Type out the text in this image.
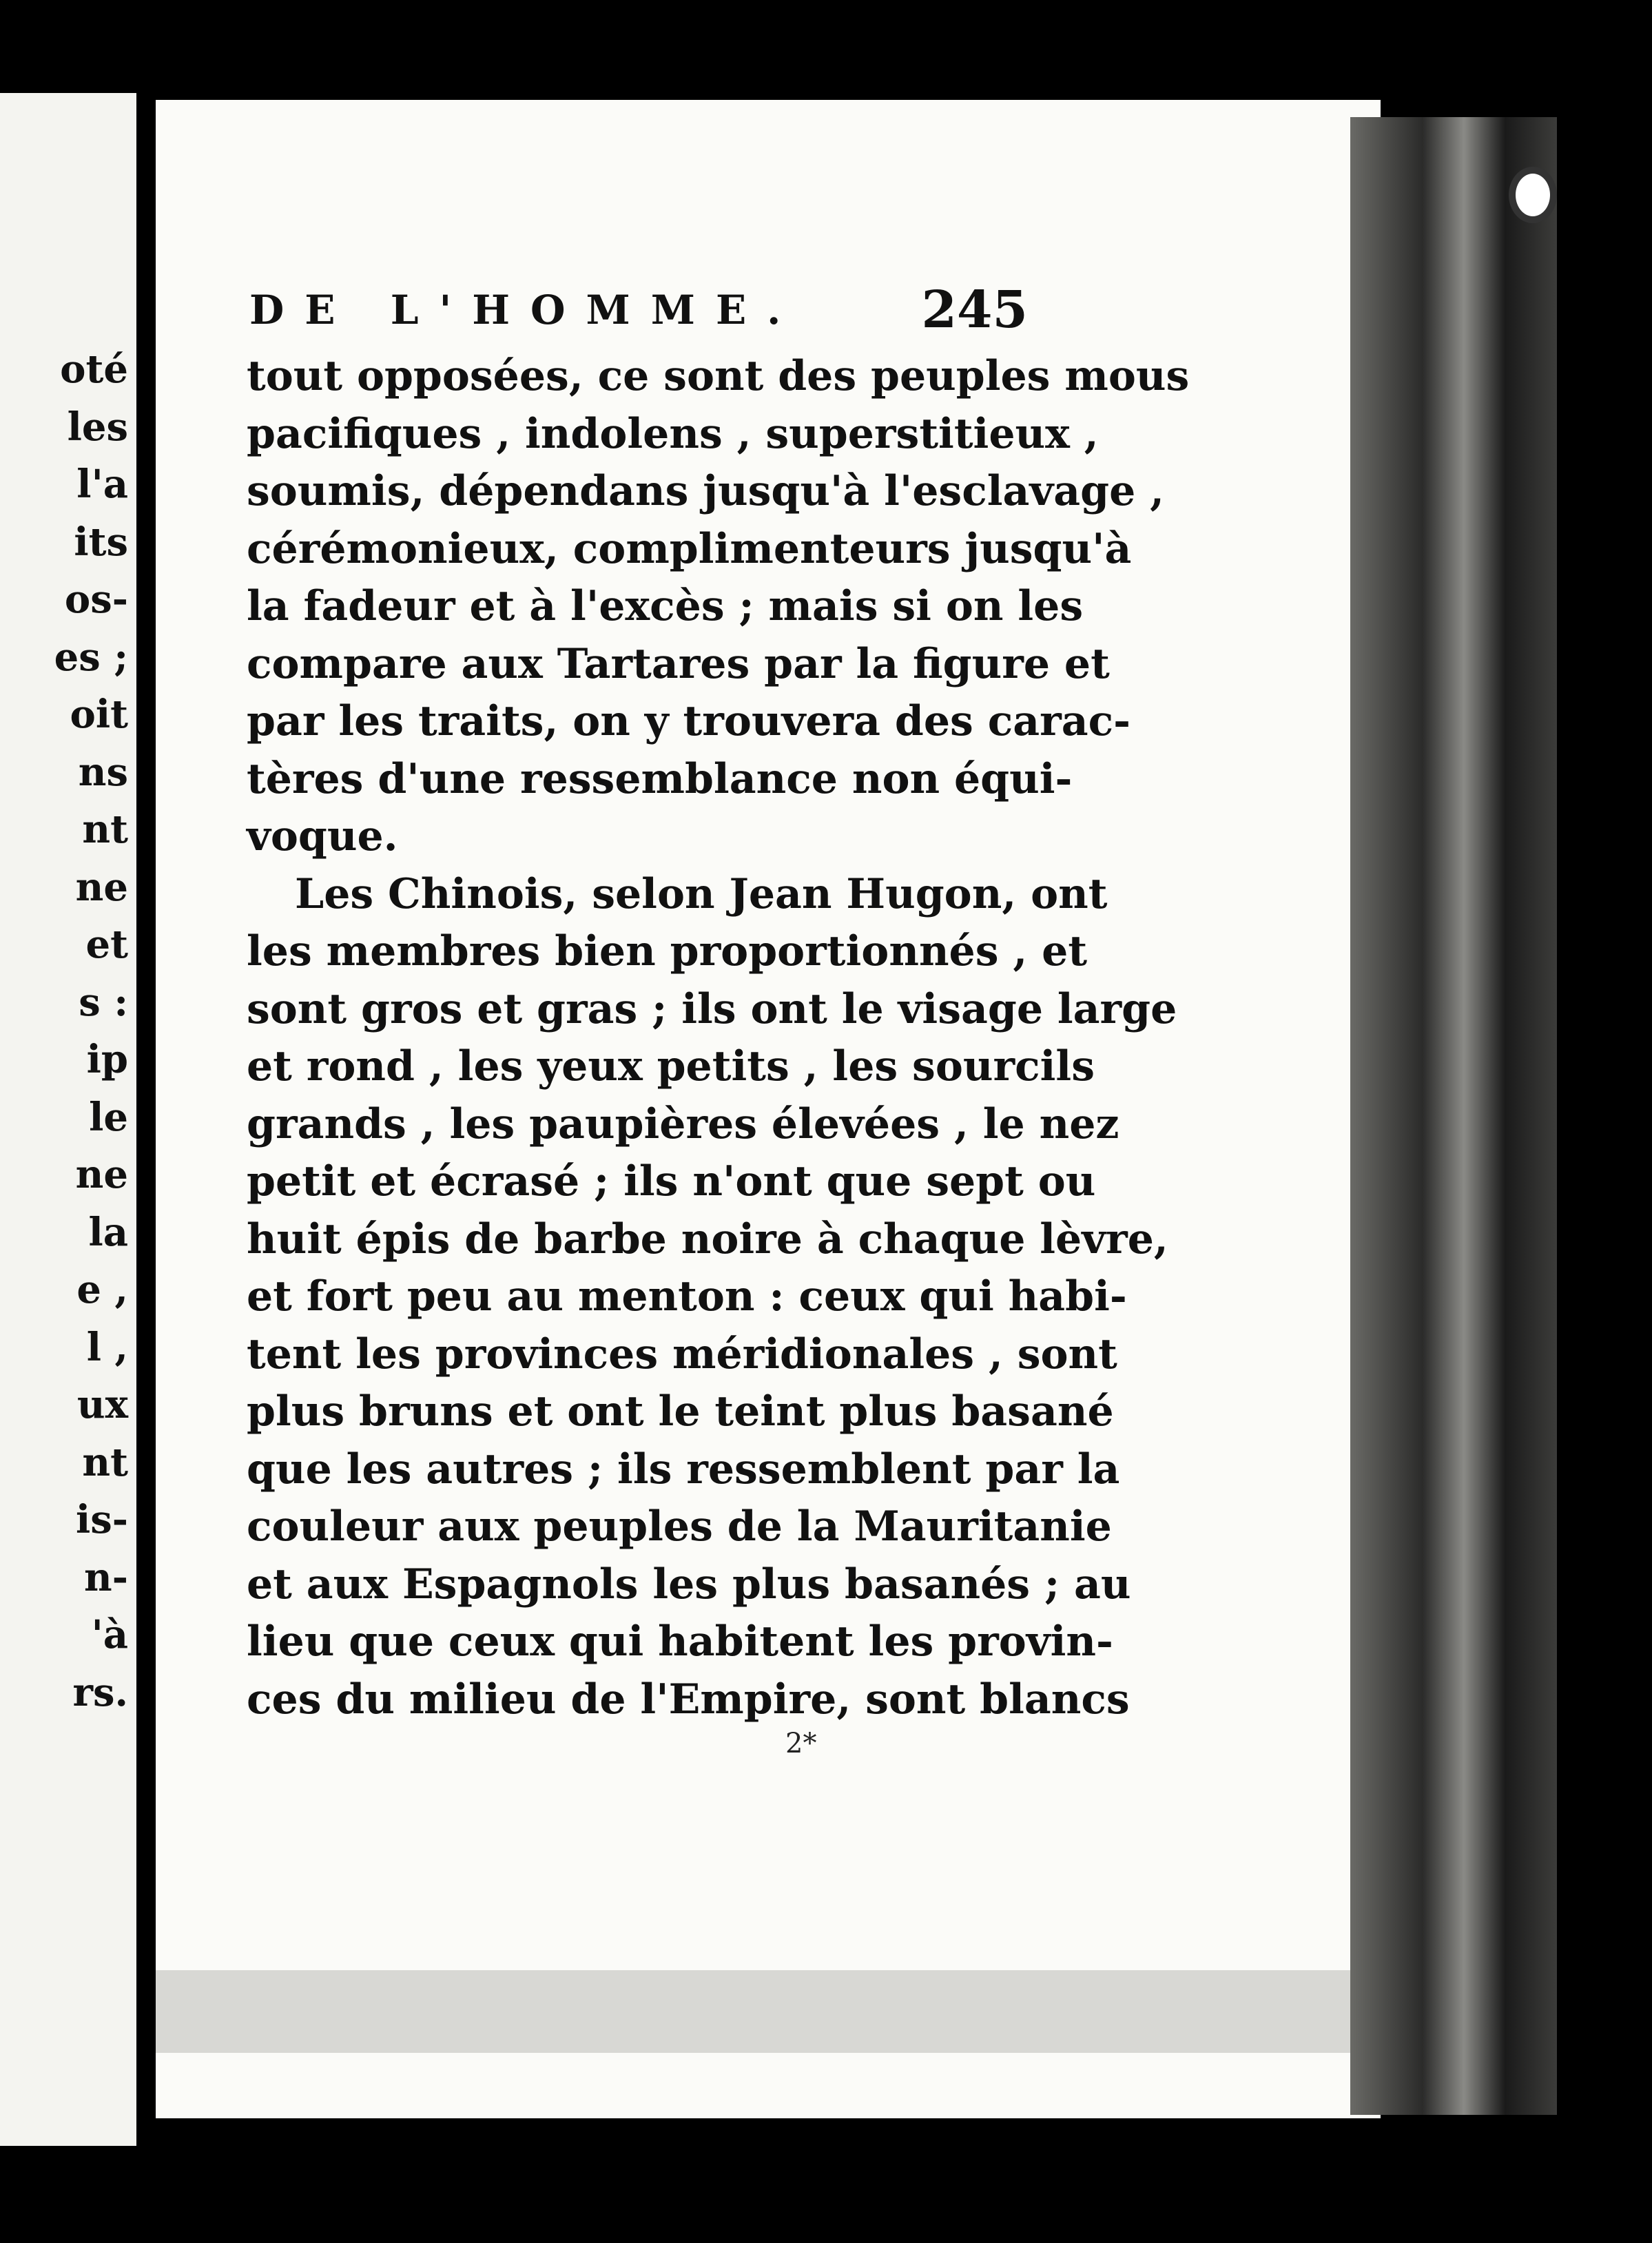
oté
les
l'a
its
os-
es ;
oit
ns
nt
ne
et
s :
ip
le
ne
la
e ,
l ,
ux
nt
is-
n-
'à
rs.
DE L'HOMME. 245
tout opposées, ce sont des peuples mous
pacifiques , indolens , superstitieux ,
soumis, dépendans jusqu'à l'esclavage ,
cérémonieux, complimenteurs jusqu'à
la fadeur et à l'excès ; mais si on les
compare aux Tartares par la figure et
par les traits, on y trouvera des carac-
tères d'une ressemblance non équi-
voque.
Les Chinois, selon Jean Hugon, ont
les membres bien proportionnés , et
sont gros et gras ; ils ont le visage large
et rond , les yeux petits , les sourcils
grands , les paupières élevées , le nez
petit et écrasé ; ils n'ont que sept ou
huit épis de barbe noire à chaque lèvre,
et fort peu au menton : ceux qui habi-
tent les provinces méridionales , sont
plus bruns et ont le teint plus basané
que les autres ; ils ressemblent par la
couleur aux peuples de la Mauritanie
et aux Espagnols les plus basanés ; au
lieu que ceux qui habitent les provin-
ces du milieu de l'Empire, sont blancs
2*
